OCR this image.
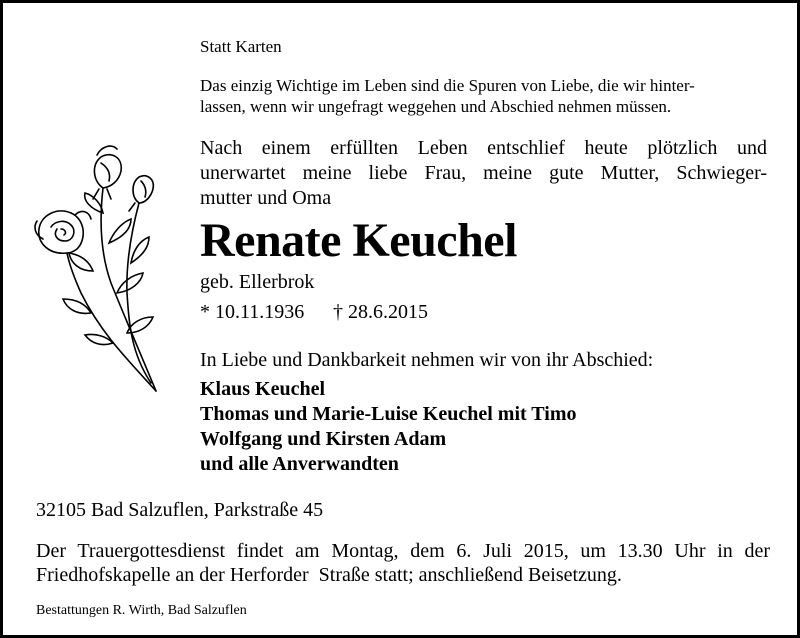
Statt Karten

Das einzig Wichtige im Leben sind die Spuren von Liebe, die wir hinter-

lassen, wenn wir ungefragt weggehen und Abschied nehmen müssen.

Nach einem erfüllten Leben entschlief heute plötzlich und

unerwartet meine liebe Frau, meine gute Mutter, Schwieger-

mutter und Oma

Renate Keuchel

geb. Ellerbrok

* 10.11.1936 † 28.6.2015

In Liebe und Dankbarkeit nehmen wir von ihr Abschied:

Klaus Keuchel

Thomas und Marie-Luise Keuchel mit Timo

Wolfgang und Kirsten Adam

und alle Anverwandten

32105 Bad Salzuflen, Parkstraße 45

Der Trauergottesdienst findet am Montag, dem 6. Juli 2015, um 13.30 Uhr in der

Friedhofskapelle an der Herforder  Straße statt; anschließend Beisetzung.

Bestattungen R. Wirth, Bad Salzuflen
